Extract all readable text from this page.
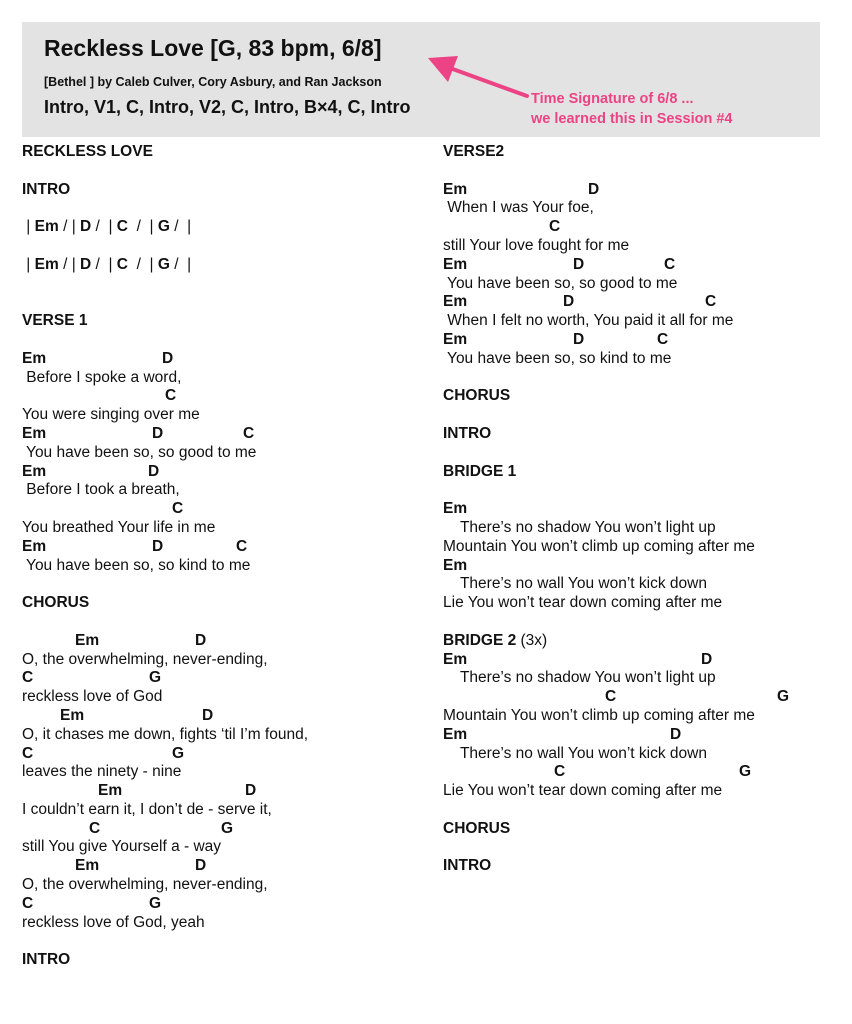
Reckless Love [G, 83 bpm, 6/8]
[Bethel ] by Caleb Culver, Cory Asbury, and Ran Jackson
Intro, V1, C, Intro, V2, C, Intro, B×4, C, Intro	Time Signature of 6/8 ...
we learned this in Session #4
RECKLESS LOVE
INTRO
| Em / | D /  | C  /  | G /  |
| Em / | D /  | C  /  | G /  |
VERSE 1
Em	D
Before I spoke a word,
C
You were singing over me
Em	D	C
You have been so, so good to me
Em	D
Before I took a breath,
C
You breathed Your life in me
Em	D	C
You have been so, so kind to me
CHORUS
Em	D
O, the overwhelming, never-ending,
C	G
reckless love of God
Em	D
O, it chases me down, fights ‘til I’m found,
C	G
leaves the ninety - nine
Em	D
I couldn’t earn it, I don’t de - serve it,
C	G
still You give Yourself a - way
Em	D
O, the overwhelming, never-ending,
C	G
reckless love of God, yeah
INTRO
VERSE2
Em	D
When I was Your foe,
C
still Your love fought for me
Em	D	C
You have been so, so good to me
Em	D	C
When I felt no worth, You paid it all for me
Em	D	C
You have been so, so kind to me
CHORUS
INTRO
BRIDGE 1
Em
There’s no shadow You won’t light up
Mountain You won’t climb up coming after me
Em
There’s no wall You won’t kick down
Lie You won’t tear down coming after me
BRIDGE 2 (3x)
Em	D
There’s no shadow You won’t light up
C	G
Mountain You won’t climb up coming after me
Em	D
There’s no wall You won’t kick down
C	G
Lie You won’t tear down coming after me
CHORUS
INTRO
